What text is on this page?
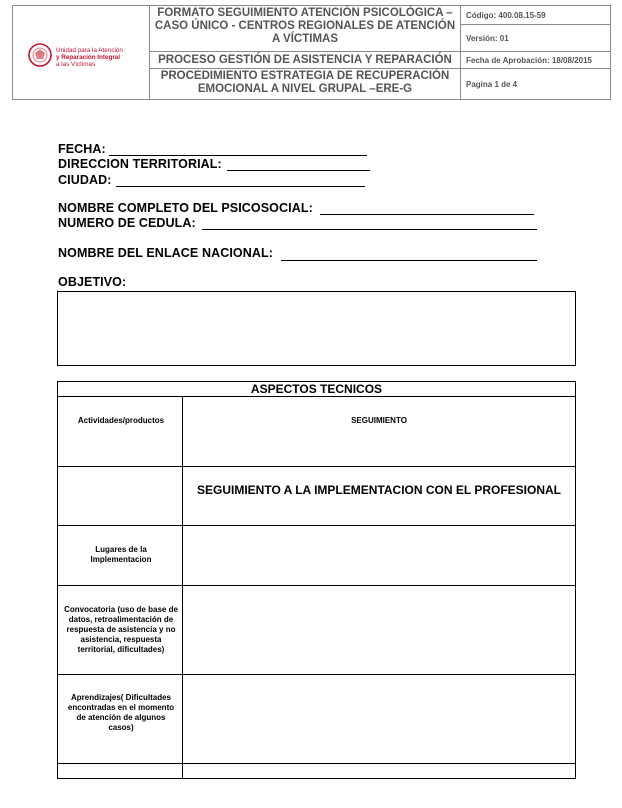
Unidad para la Atención
y Reparación Integral
a las Víctimas
FORMATO SEGUIMIENTO ATENCIÓN PSICOLÓGICA – CASO ÚNICO - CENTROS REGIONALES DE ATENCIÓN A VÍCTIMAS
PROCESO GESTIÓN DE ASISTENCIA Y REPARACIÓN
PROCEDIMIENTO ESTRATEGIA DE RECUPERACIÓN EMOCIONAL A NIVEL GRUPAL –ERE-G
Código: 400.08.15-59
Versión: 01
Fecha de Aprobación: 18/08/2015
Pagina 1 de 4
FECHA:
DIRECCION TERRITORIAL:
CIUDAD:
NOMBRE COMPLETO DEL PSICOSOCIAL:
NUMERO DE CEDULA:
NOMBRE DEL ENLACE NACIONAL:
OBJETIVO:
ASPECTOS TECNICOS
Actividades/productos	SEGUIMIENTO
SEGUIMIENTO A LA IMPLEMENTACION CON EL PROFESIONAL
Lugares de la Implementacion
Convocatoria (uso de base de datos, retroalimentación de respuesta de asistencia y no asistencia, respuesta territorial, dificultades)
Aprendizajes( Dificultades encontradas en el momento de atención de algunos casos)
